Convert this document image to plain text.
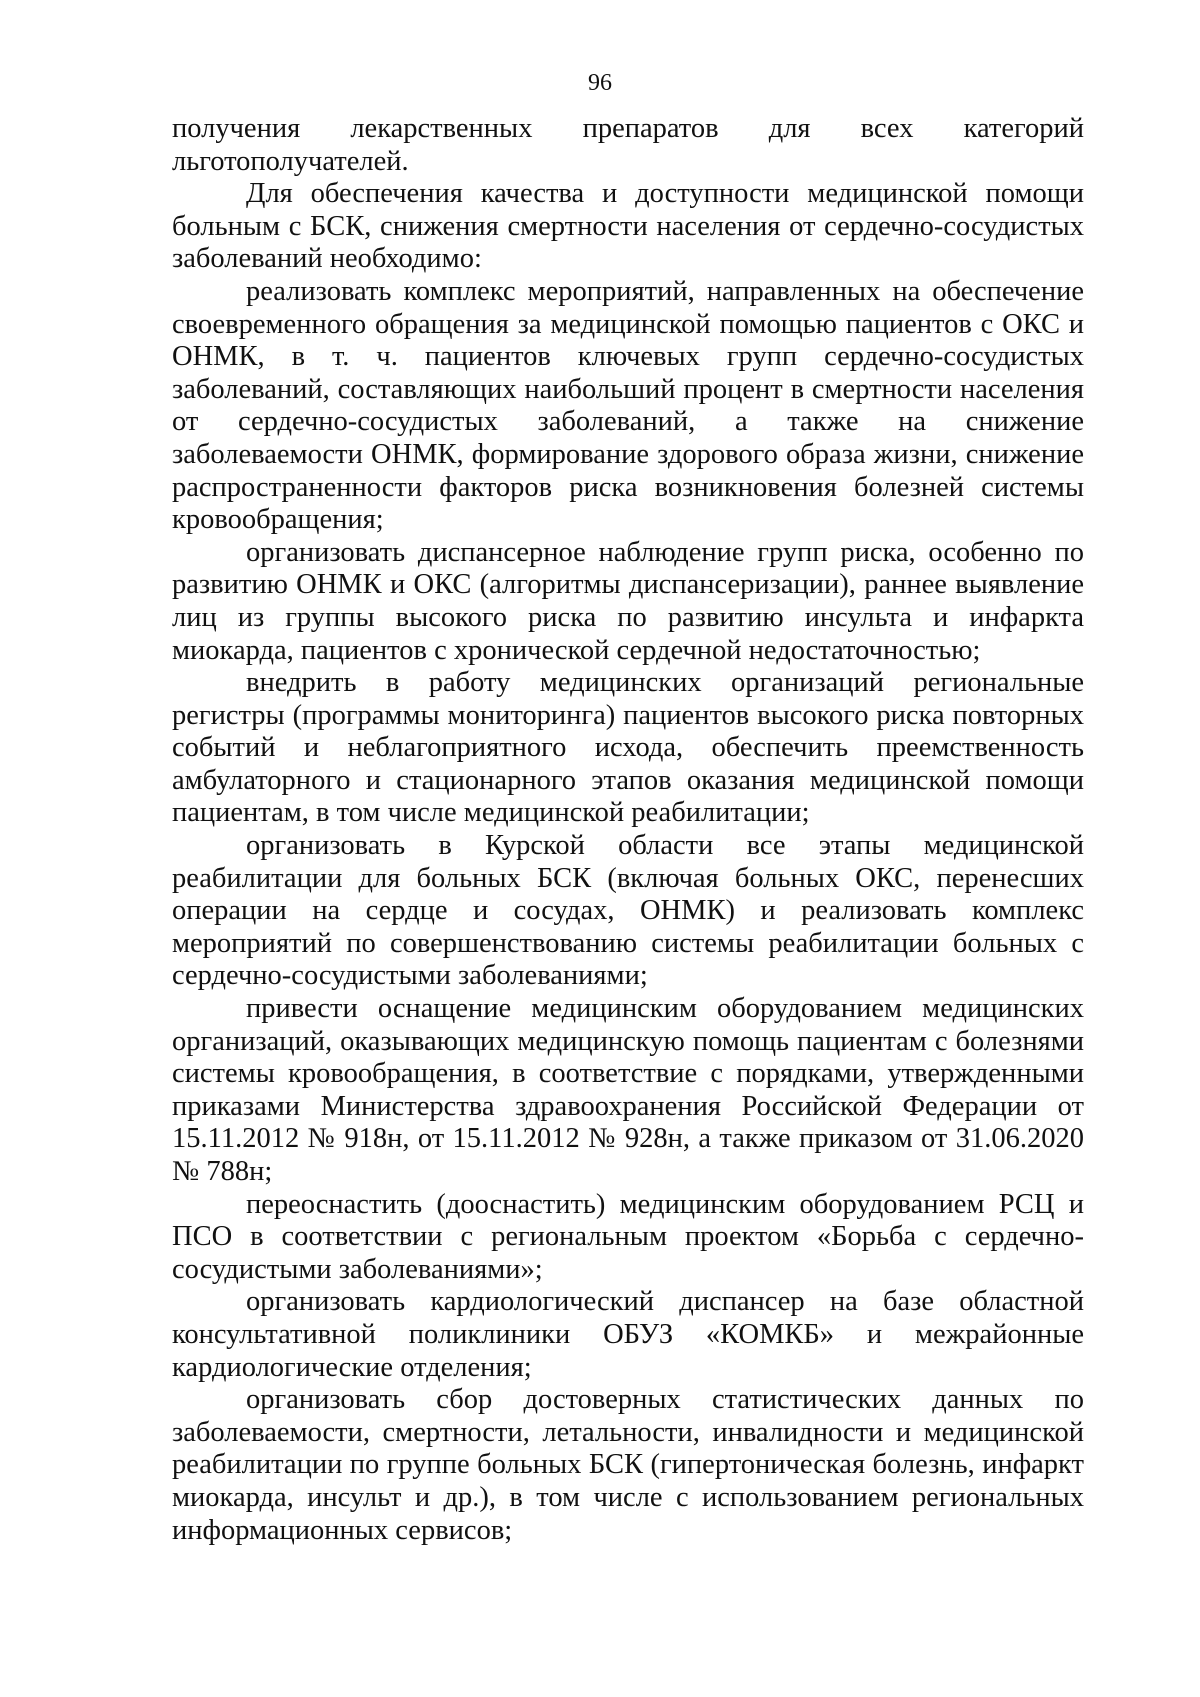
96

получения лекарственных препаратов для всех категорий льготополучателей.

Для обеспечения качества и доступности медицинской помощи больным с БСК, снижения смертности населения от сердечно-сосудистых заболеваний необходимо:

реализовать комплекс мероприятий, направленных на обеспечение своевременного обращения за медицинской помощью пациентов с ОКС и ОНМК, в т. ч. пациентов ключевых групп сердечно-сосудистых заболеваний, составляющих наибольший процент в смертности населения от сердечно-сосудистых заболеваний, а также на снижение заболеваемости ОНМК, формирование здорового образа жизни, снижение распространенности факторов риска возникновения болезней системы кровообращения;

организовать диспансерное наблюдение групп риска, особенно по развитию ОНМК и ОКС (алгоритмы диспансеризации), раннее выявление лиц из группы высокого риска по развитию инсульта и инфаркта миокарда, пациентов с хронической сердечной недостаточностью;

внедрить в работу медицинских организаций региональные регистры (программы мониторинга) пациентов высокого риска повторных событий и неблагоприятного исхода, обеспечить преемственность амбулаторного и стационарного этапов оказания медицинской помощи пациентам, в том числе медицинской реабилитации;

организовать в Курской области все этапы медицинской реабилитации для больных БСК (включая больных ОКС, перенесших операции на сердце и сосудах, ОНМК) и реализовать комплекс мероприятий по совершенствованию системы реабилитации больных с сердечно-сосудистыми заболеваниями;

привести оснащение медицинским оборудованием медицинских организаций, оказывающих медицинскую помощь пациентам с болезнями системы кровообращения, в соответствие с порядками, утвержденными приказами Министерства здравоохранения Российской Федерации от 15.11.2012 № 918н, от 15.11.2012 № 928н, а также приказом от 31.06.2020 № 788н;

переоснастить (дооснастить) медицинским оборудованием РСЦ и ПСО в соответствии с региональным проектом «Борьба с сердечно-сосудистыми заболеваниями»;

организовать кардиологический диспансер на базе областной консультативной поликлиники ОБУЗ «КОМКБ» и межрайонные кардиологические отделения;

организовать сбор достоверных статистических данных по заболеваемости, смертности, летальности, инвалидности и медицинской реабилитации по группе больных БСК (гипертоническая болезнь, инфаркт миокарда, инсульт и др.), в том числе с использованием региональных информационных сервисов;
